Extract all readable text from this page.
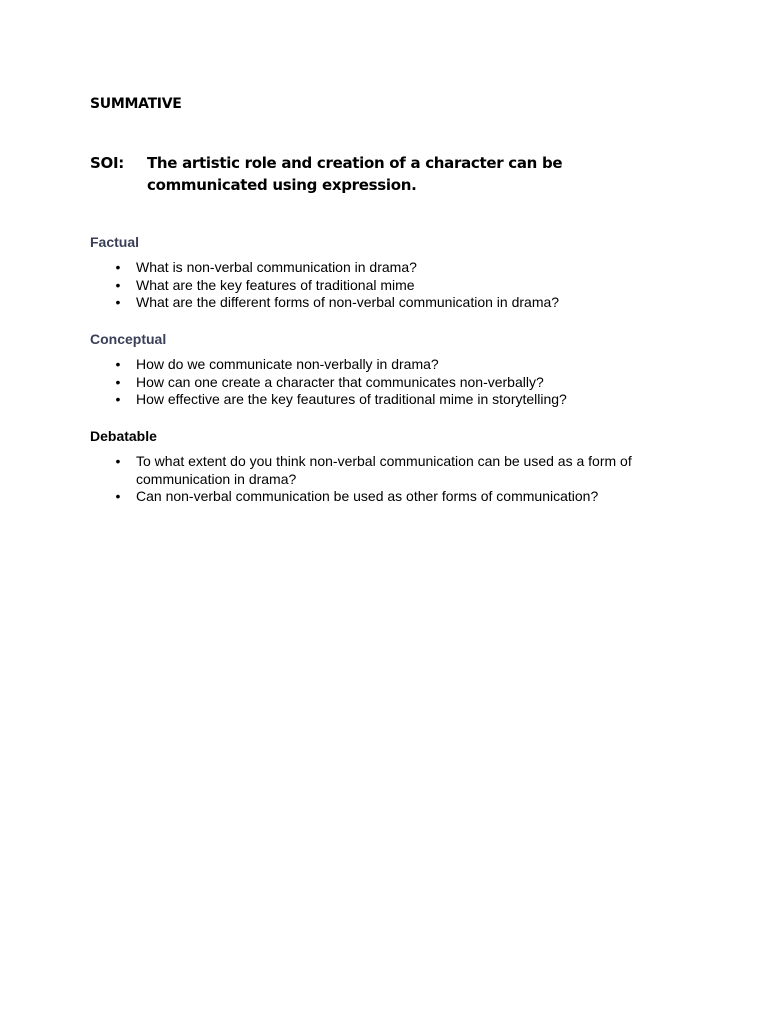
SUMMATIVE
SOI: The artistic role and creation of a character can be communicated using expression.
Factual
• What is non-verbal communication in drama?
• What are the key features of traditional mime
• What are the different forms of non-verbal communication in drama?
Conceptual
• How do we communicate non-verbally in drama?
• How can one create a character that communicates non-verbally?
• How effective are the key feautures of traditional mime in storytelling?
Debatable
• To what extent do you think non-verbal communication can be used as a form of communication in drama?
• Can non-verbal communication be used as other forms of communication?
